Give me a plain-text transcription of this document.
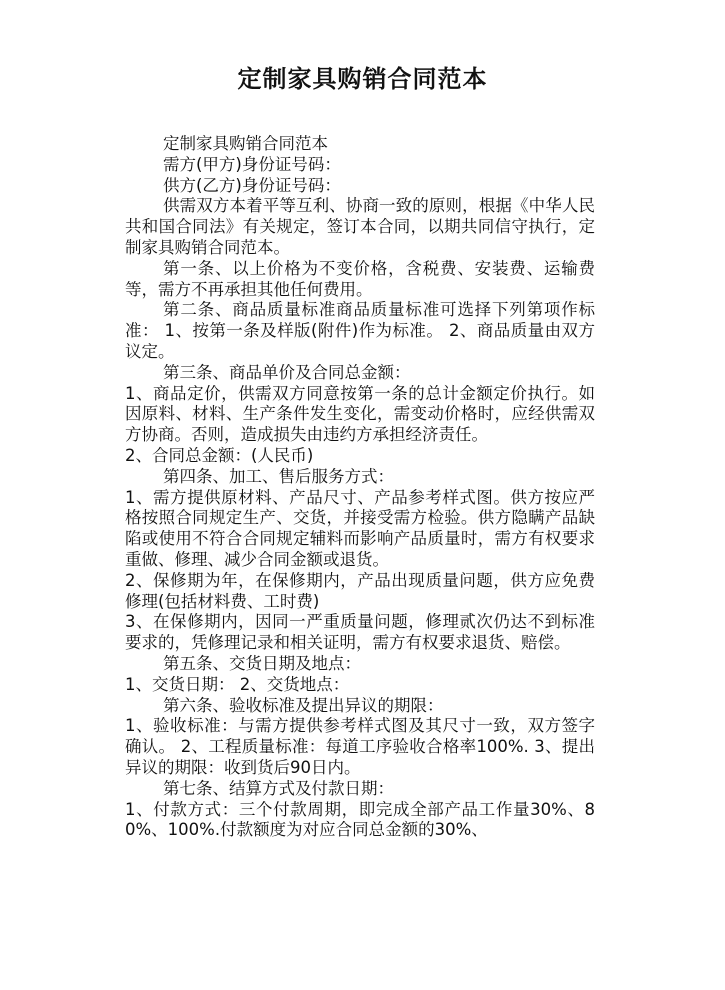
定制家具购销合同范本

定制家具购销合同范本

需方(甲方)身份证号码：

供方(乙方)身份证号码：

供需双方本着平等互利、协商一致的原则，根据《中华人民共和国合同法》有关规定，签订本合同，以期共同信守执行，定制家具购销合同范本。

第一条、以上价格为不变价格，含税费、安装费、运输费等，需方不再承担其他任何费用。

第二条、商品质量标准商品质量标准可选择下列第项作标准： 1、按第一条及样版(附件)作为标准。 2、商品质量由双方议定。

第三条、商品单价及合同总金额：

1、商品定价，供需双方同意按第一条的总计金额定价执行。如因原料、材料、生产条件发生变化，需变动价格时，应经供需双方协商。否则，造成损失由违约方承担经济责任。

2、合同总金额：(人民币)

第四条、加工、售后服务方式：

1、需方提供原材料、产品尺寸、产品参考样式图。供方按应严格按照合同规定生产、交货，并接受需方检验。供方隐瞒产品缺陷或使用不符合合同规定辅料而影响产品质量时，需方有权要求重做、修理、减少合同金额或退货。

2、保修期为年，在保修期内，产品出现质量问题，供方应免费修理(包括材料费、工时费)

3、在保修期内，因同一严重质量问题，修理贰次仍达不到标准要求的，凭修理记录和相关证明，需方有权要求退货、赔偿。

第五条、交货日期及地点：

1、交货日期： 2、交货地点：

第六条、验收标准及提出异议的期限：

1、验收标准：与需方提供参考样式图及其尺寸一致，双方签字确认。 2、工程质量标准：每道工序验收合格率100%. 3、提出异议的期限：收到货后90日内。

第七条、结算方式及付款日期：

1、付款方式：三个付款周期，即完成全部产品工作量30%、80%、100%.付款额度为对应合同总金额的30%、
